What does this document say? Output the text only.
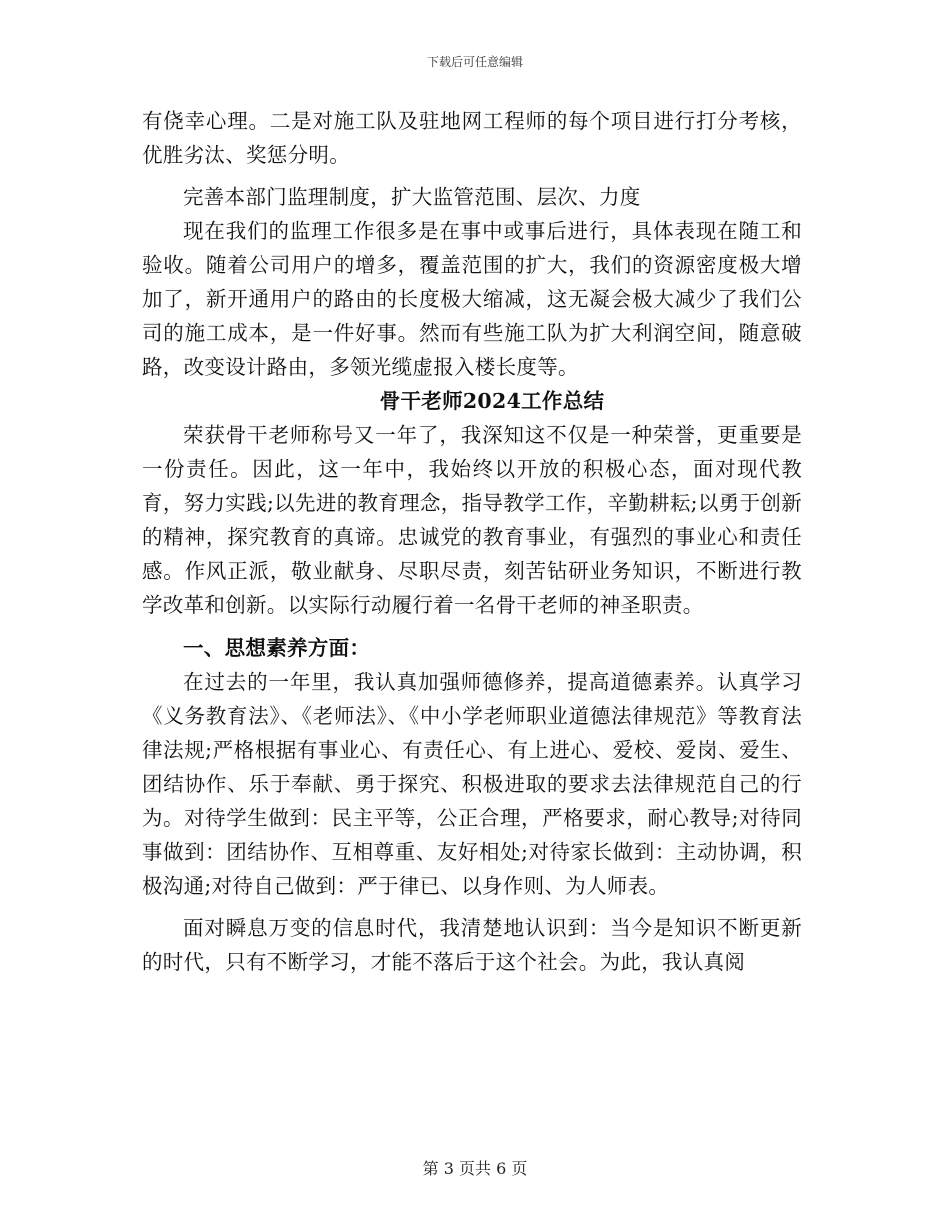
下载后可任意编辑

有侥幸心理。二是对施工队及驻地网工程师的每个项目进行打分考核，优胜劣汰、奖惩分明。

完善本部门监理制度，扩大监管范围、层次、力度

现在我们的监理工作很多是在事中或事后进行，具体表现在随工和验收。随着公司用户的增多，覆盖范围的扩大，我们的资源密度极大增加了，新开通用户的路由的长度极大缩减，这无凝会极大减少了我们公司的施工成本，是一件好事。然而有些施工队为扩大利润空间，随意破路，改变设计路由，多领光缆虚报入楼长度等。

骨干老师2024工作总结

荣获骨干老师称号又一年了，我深知这不仅是一种荣誉，更重要是一份责任。因此，这一年中，我始终以开放的积极心态，面对现代教育，努力实践;以先进的教育理念，指导教学工作，辛勤耕耘;以勇于创新的精神，探究教育的真谛。忠诚党的教育事业，有强烈的事业心和责任感。作风正派，敬业献身、尽职尽责，刻苦钻研业务知识，不断进行教学改革和创新。以实际行动履行着一名骨干老师的神圣职责。

一、思想素养方面：

在过去的一年里，我认真加强师德修养，提高道德素养。认真学习《义务教育法》、《老师法》、《中小学老师职业道德法律规范》等教育法律法规;严格根据有事业心、有责任心、有上进心、爱校、爱岗、爱生、团结协作、乐于奉献、勇于探究、积极进取的要求去法律规范自己的行为。对待学生做到：民主平等，公正合理，严格要求，耐心教导;对待同事做到：团结协作、互相尊重、友好相处;对待家长做到：主动协调，积极沟通;对待自己做到：严于律已、以身作则、为人师表。

面对瞬息万变的信息时代，我清楚地认识到：当今是知识不断更新的时代，只有不断学习，才能不落后于这个社会。为此，我认真阅

第 3 页共 6 页
